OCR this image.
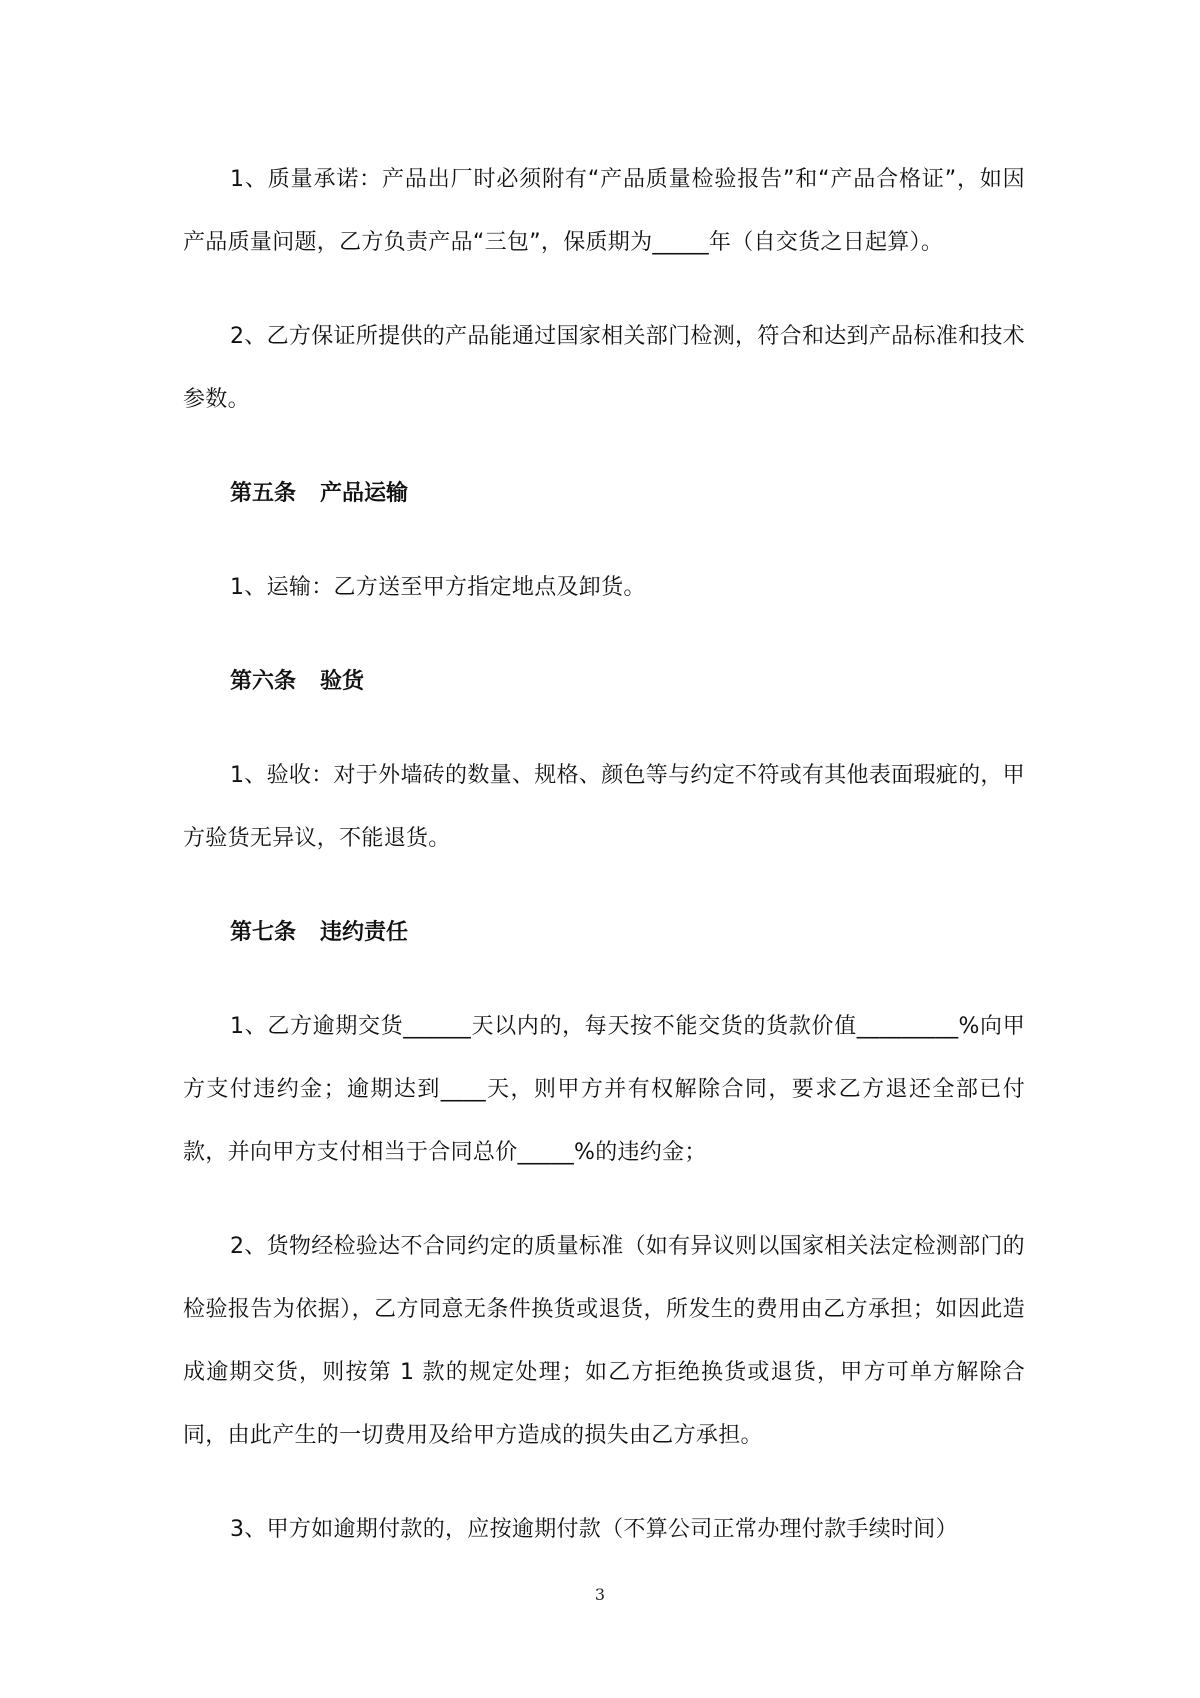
1、质量承诺：产品出厂时必须附有“产品质量检验报告”和“产品合格证”，如因产品质量问题，乙方负责产品“三包”，保质期为_____年（自交货之日起算）。

2、乙方保证所提供的产品能通过国家相关部门检测，符合和达到产品标准和技术参数。

第五条 产品运输

1、运输：乙方送至甲方指定地点及卸货。

第六条 验货

1、验收：对于外墙砖的数量、规格、颜色等与约定不符或有其他表面瑕疵的，甲方验货无异议，不能退货。

第七条 违约责任

1、乙方逾期交货______天以内的，每天按不能交货的货款价值_________%向甲方支付违约金；逾期达到____天，则甲方并有权解除合同，要求乙方退还全部已付款，并向甲方支付相当于合同总价_____%的违约金；

2、货物经检验达不合同约定的质量标准（如有异议则以国家相关法定检测部门的检验报告为依据），乙方同意无条件换货或退货，所发生的费用由乙方承担；如因此造成逾期交货，则按第 1 款的规定处理；如乙方拒绝换货或退货，甲方可单方解除合同，由此产生的一切费用及给甲方造成的损失由乙方承担。

3、甲方如逾期付款的，应按逾期付款（不算公司正常办理付款手续时间）

3
